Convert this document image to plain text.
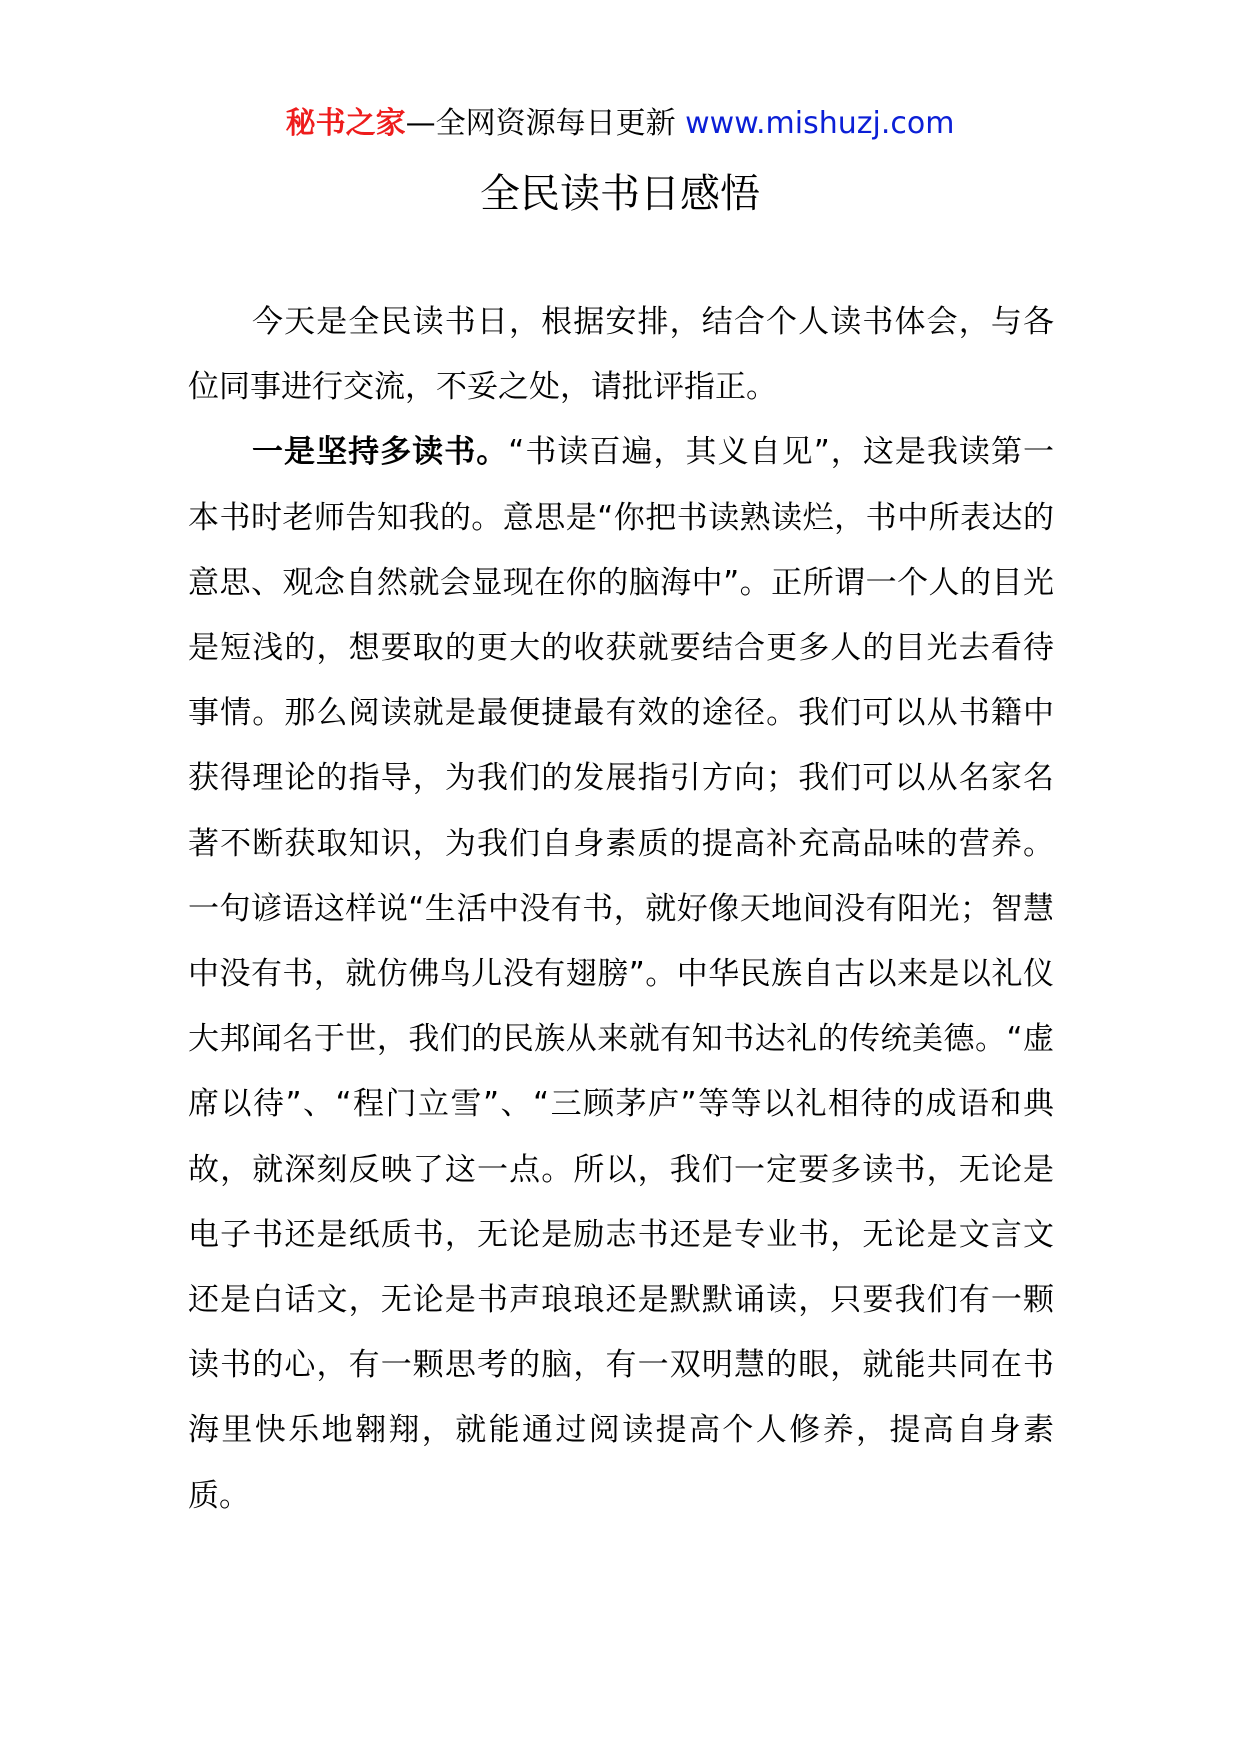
秘书之家—全网资源每日更新 www.mishuzj.com
全民读书日感悟

今天是全民读书日，根据安排，结合个人读书体会，与各位同事进行交流，不妥之处，请批评指正。

一是坚持多读书。“书读百遍，其义自见”，这是我读第一本书时老师告知我的。意思是“你把书读熟读烂，书中所表达的意思、观念自然就会显现在你的脑海中”。正所谓一个人的目光是短浅的，想要取的更大的收获就要结合更多人的目光去看待事情。那么阅读就是最便捷最有效的途径。我们可以从书籍中获得理论的指导，为我们的发展指引方向；我们可以从名家名著不断获取知识，为我们自身素质的提高补充高品味的营养。一句谚语这样说“生活中没有书，就好像天地间没有阳光；智慧中没有书，就仿佛鸟儿没有翅膀”。中华民族自古以来是以礼仪大邦闻名于世，我们的民族从来就有知书达礼的传统美德。“虚席以待”、“程门立雪”、“三顾茅庐”等等以礼相待的成语和典故，就深刻反映了这一点。所以，我们一定要多读书，无论是电子书还是纸质书，无论是励志书还是专业书，无论是文言文还是白话文，无论是书声琅琅还是默默诵读，只要我们有一颗读书的心，有一颗思考的脑，有一双明慧的眼，就能共同在书海里快乐地翱翔，就能通过阅读提高个人修养，提高自身素质。
